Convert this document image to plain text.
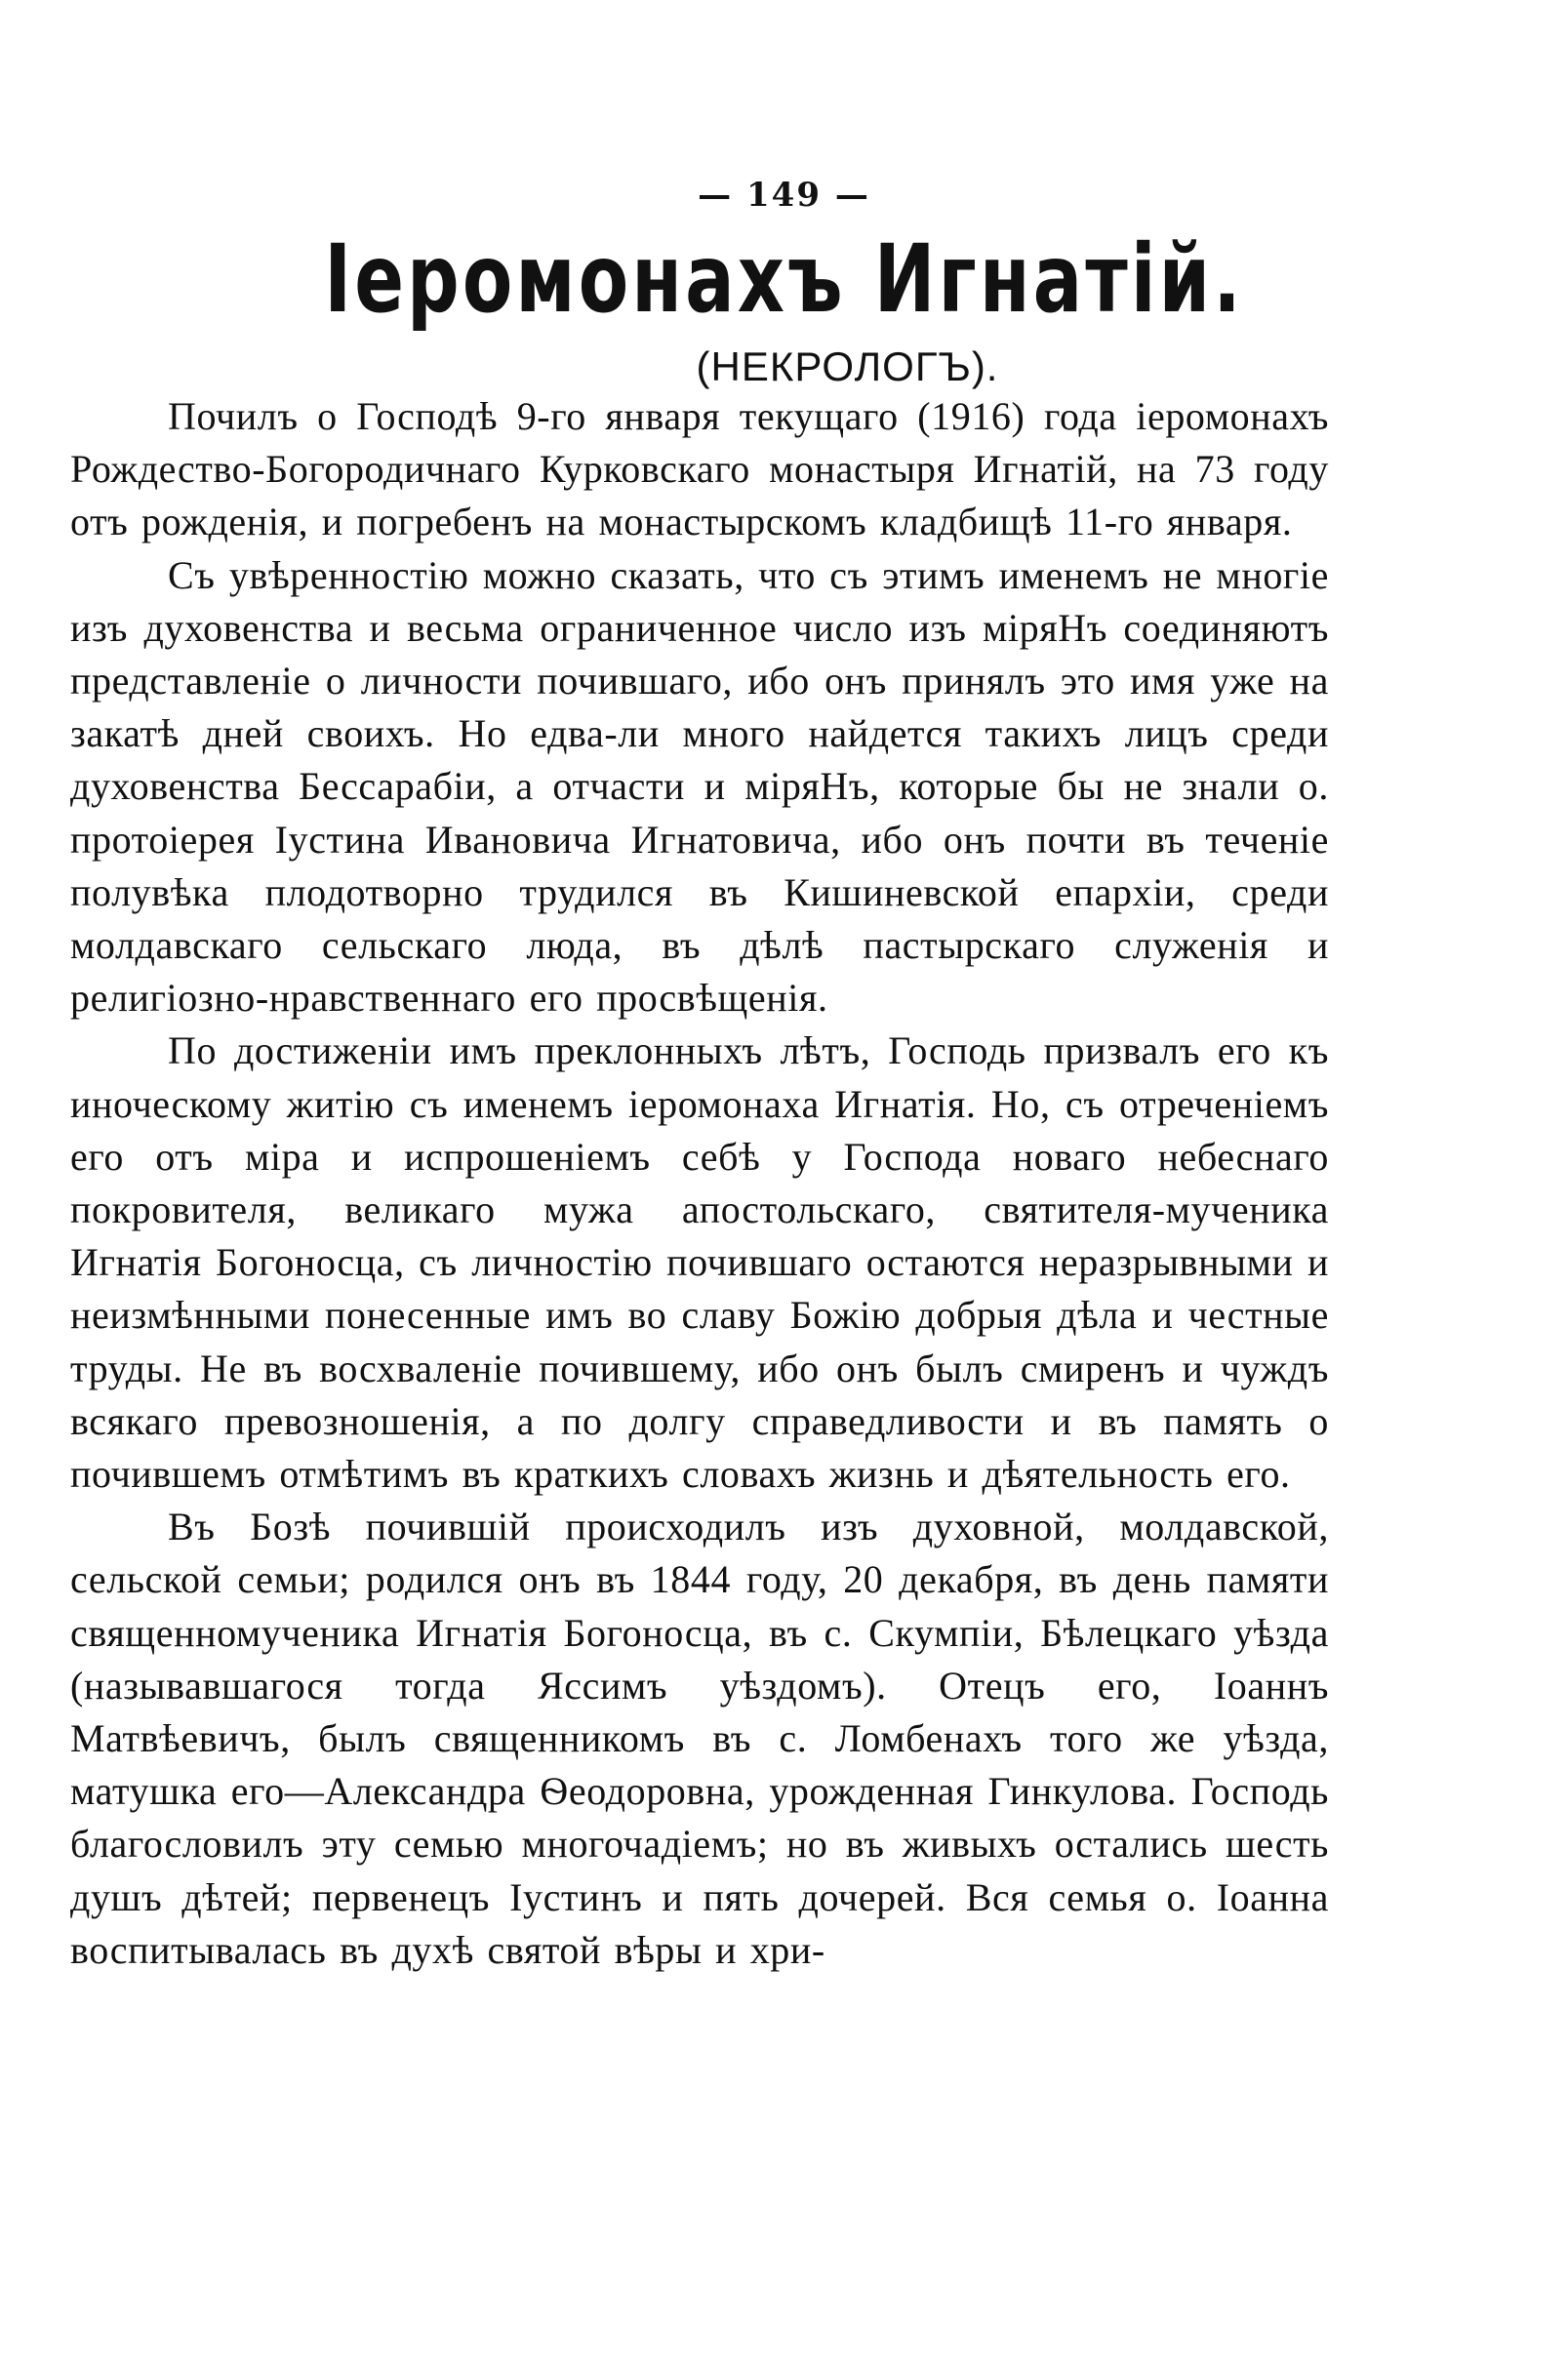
— 149 —
Іеромонахъ Игнатій.
(НЕКРОЛОГЪ).

Почилъ о Господѣ 9-го января текущаго (1916) года іеромонахъ Рождество-Богородичнаго Курковскаго монастыря Игнатій, на 73 году отъ рожденія, и погребенъ на монастырскомъ кладбищѣ 11-го января.

Съ увѣренностію можно сказать, что съ этимъ именемъ не многіе изъ духовенства и весьма ограниченное число изъ міряHъ соединяютъ представленіе о личности почившаго, ибо онъ принялъ это имя уже на закатѣ дней своихъ. Но едва-ли много найдется такихъ лицъ среди духовенства Бессарабіи, а отчасти и міряHъ, которые бы не знали о. протоіерея Іустина Ивановича Игнатовича, ибо онъ почти въ теченіе полувѣка плодотворно трудился въ Кишиневской епархіи, среди молдавскаго сельскаго люда, въ дѣлѣ пастырскаго служенія и религіозно-нравственнаго его просвѣщенія.

По достиженіи имъ преклонныхъ лѣтъ, Господь призвалъ его къ иноческому житію съ именемъ іеромонаха Игнатія. Но, съ отреченіемъ его отъ міра и испрошеніемъ себѣ у Господа новаго небеснаго покровителя, великаго мужа апостольскаго, святителя-мученика Игнатія Богоносца, съ личностію почившаго остаются неразрывными и неизмѣнными понесенные имъ во славу Божію добрыя дѣла и честные труды. Не въ восхваленіе почившему, ибо онъ былъ смиренъ и чуждъ всякаго превозношенія, а по долгу справедливости и въ память о почившемъ отмѣтимъ въ краткихъ словахъ жизнь и дѣятельность его.

Въ Бозѣ почившій происходилъ изъ духовной, молдавской, сельской семьи; родился онъ въ 1844 году, 20 декабря, въ день памяти священномученика Игнатія Богоносца, въ с. Скумпіи, Бѣлецкаго уѣзда (называвшагося тогда Яссимъ уѣздомъ). Отецъ его, Іоаннъ Матвѣевичъ, былъ священникомъ въ с. Ломбенахъ того же уѣзда, матушка его—Александра Ѳеодоровна, урожденная Гинкулова. Господь благословилъ эту семью многочадіемъ; но въ живыхъ остались шесть душъ дѣтей; первенецъ Іустинъ и пять дочерей. Вся семья о. Іоанна воспитывалась въ духѣ святой вѣры и хри-
